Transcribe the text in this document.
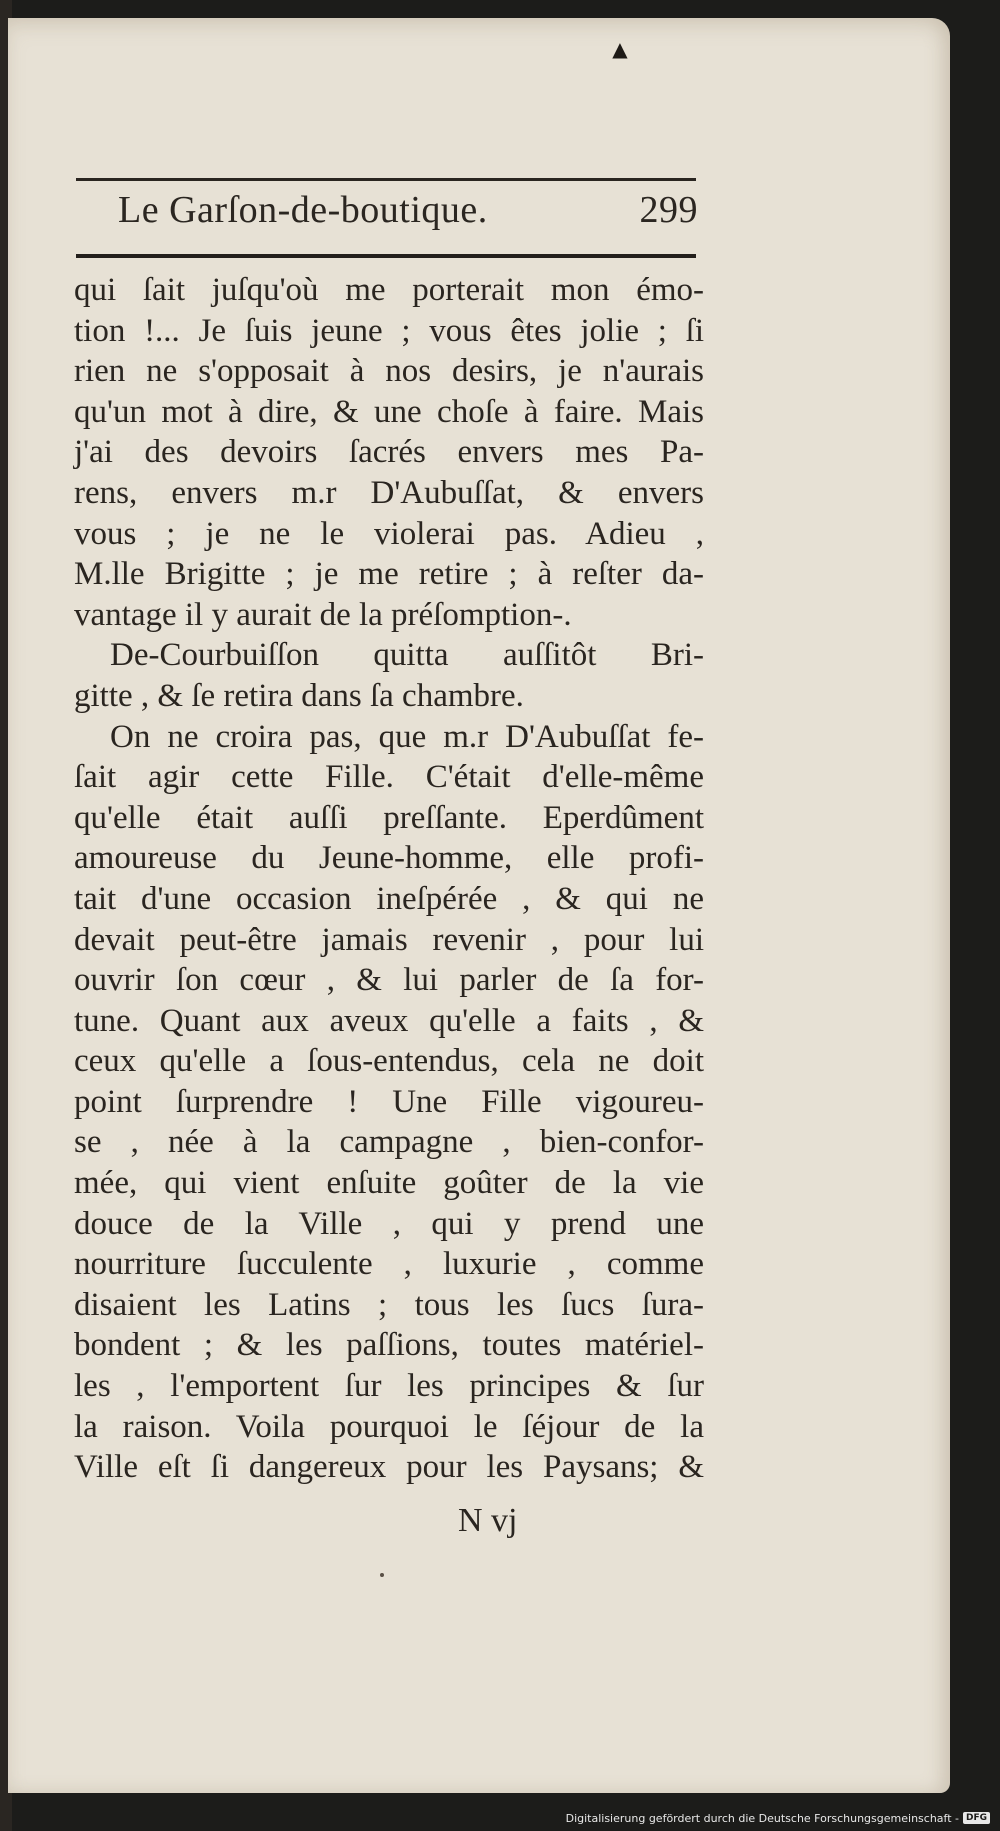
▲
Le Garſon-de-boutique.	299
qui ſait juſqu'où me porterait mon émo-
tion !... Je ſuis jeune ; vous êtes jolie ; ſi
rien ne s'opposait à nos desirs, je n'aurais
qu'un mot à dire, & une choſe à faire. Mais
j'ai des devoirs ſacrés envers mes Pa-
rens, envers m.r D'Aubuſſat, & envers
vous ; je ne le violerai pas. Adieu ,
M.lle Brigitte ; je me retire ; à reſter da-
vantage il y aurait de la préſomption-.
De-Courbuiſſon quitta auſſitôt Bri-
gitte , & ſe retira dans ſa chambre.
On ne croira pas, que m.r D'Aubuſſat fe-
ſait agir cette Fille. C'était d'elle-même
qu'elle était auſſi preſſante. Eperdûment
amoureuse du Jeune-homme, elle profi-
tait d'une occasion ineſpérée , & qui ne
devait peut-être jamais revenir , pour lui
ouvrir ſon cœur , & lui parler de ſa for-
tune. Quant aux aveux qu'elle a faits , &
ceux qu'elle a ſous-entendus, cela ne doit
point ſurprendre ! Une Fille vigoureu-
se , née à la campagne , bien-confor-
mée, qui vient enſuite goûter de la vie
douce de la Ville , qui y prend une
nourriture ſucculente , luxurie , comme
disaient les Latins ; tous les ſucs ſura-
bondent ; & les paſſions, toutes matériel-
les , l'emportent ſur les principes & ſur
la raison. Voila pourquoi le ſéjour de la
Ville eſt ſi dangereux pour les Paysans; &
N vj
Digitalisierung gefördert durch die Deutsche Forschungsgemeinschaft - DFG
